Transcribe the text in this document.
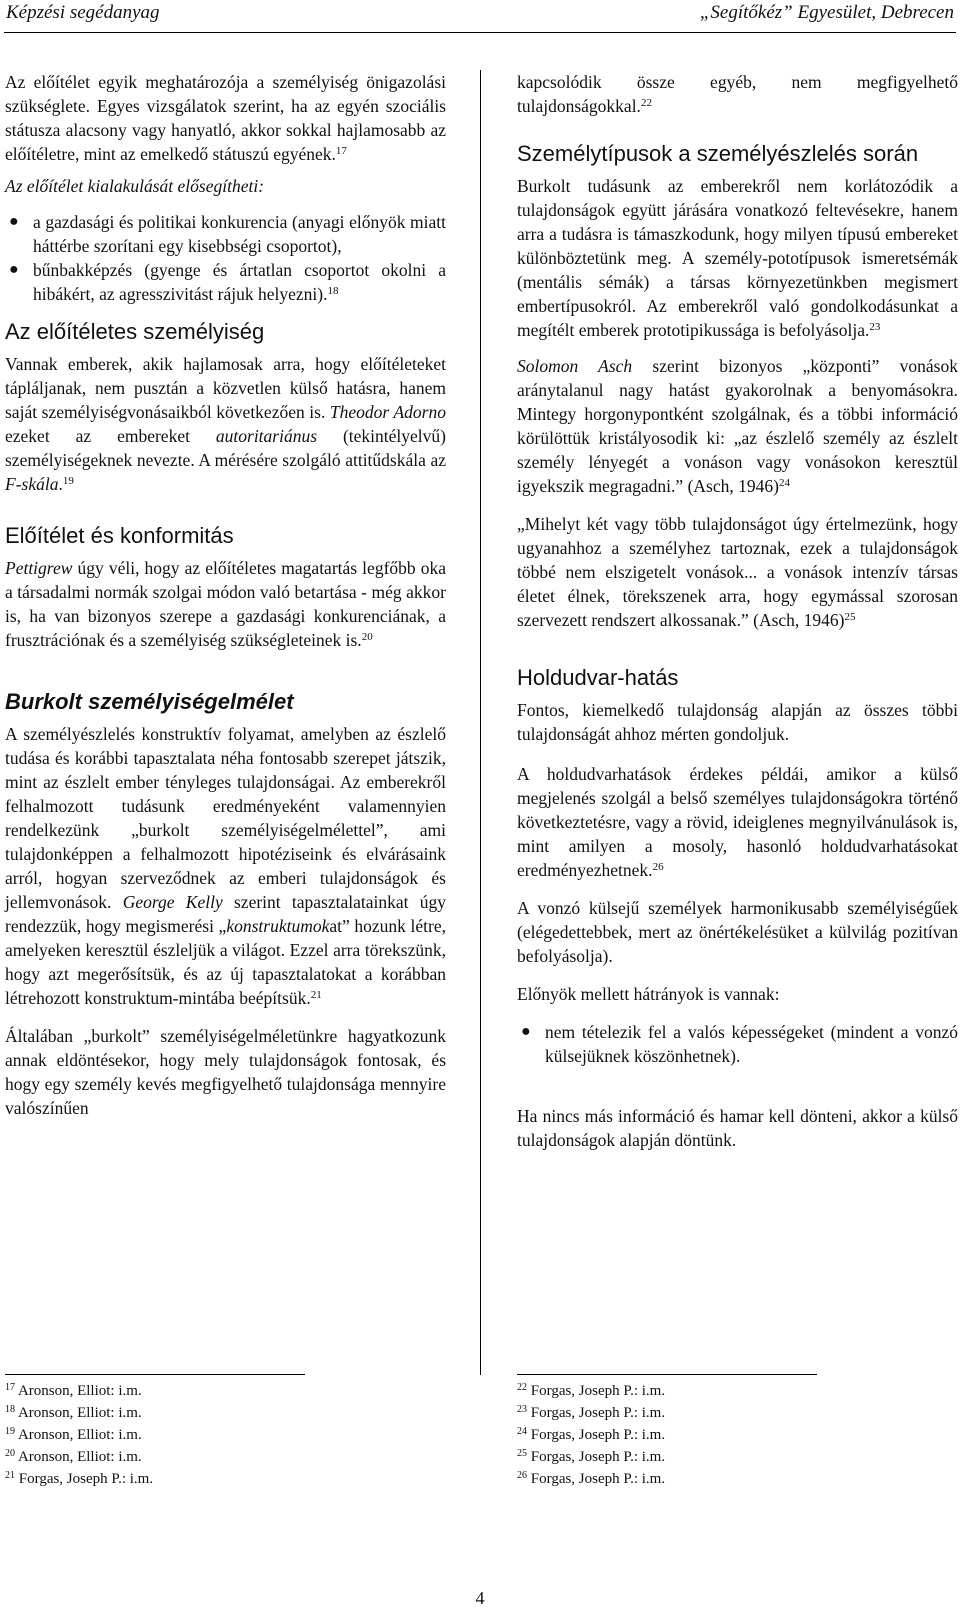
Képzési segédanyag	„Segítőkéz” Egyesület, Debrecen

Az előítélet egyik meghatározója a személyiség önigazolási szükséglete. Egyes vizsgálatok szerint, ha az egyén szociális státusza alacsony vagy hanyatló, akkor sokkal hajlamosabb az előítéletre, mint az emelkedő státuszú egyének.$^{17}$

Az előítélet kialakulását elősegítheti:

● a gazdasági és politikai konkurencia (anyagi előnyök miatt háttérbe szorítani egy kisebbségi csoportot),
● bűnbakképzés (gyenge és ártatlan csoportot okolni a hibákért, az agresszivitást rájuk helyezni).$^{18}$
Az előítéletes személyiség

Vannak emberek, akik hajlamosak arra, hogy előítéleteket tápláljanak, nem pusztán a közvetlen külső hatásra, hanem saját személyiségvonásaikból következően is. Theodor Adorno ezeket az embereket autoritariánus (tekintélyelvű) személyiségeknek nevezte. A mérésére szolgáló attitűdskála az F-skála.$^{19}$

Előítélet és konformitás

Pettigrew úgy véli, hogy az előítéletes magatartás legfőbb oka a társadalmi normák szolgai módon való betartása - még akkor is, ha van bizonyos szerepe a gazdasági konkurenciának, a frusztrációnak és a személyiség szükségleteinek is.$^{20}$

Burkolt személyiségelmélet

A személyészlelés konstruktív folyamat, amelyben az észlelő tudása és korábbi tapasztalata néha fontosabb szerepet játszik, mint az észlelt ember tényleges tulajdonságai. Az emberekről felhalmozott tudásunk eredményeként valamennyien rendelkezünk „burkolt személyiségelmélettel”, ami tulajdonképpen a felhalmozott hipotéziseink és elvárásaink arról, hogyan szerveződnek az emberi tulajdonságok és jellemvonások. George Kelly szerint tapasztalatainkat úgy rendezzük, hogy megismerési „konstruktumokat” hozunk létre, amelyeken keresztül észleljük a világot. Ezzel arra törekszünk, hogy azt megerősítsük, és az új tapasztalatokat a korábban létrehozott konstruktum-mintába beépítsük.$^{21}$

Általában „burkolt” személyiségelméletünkre hagyatkozunk annak eldöntésekor, hogy mely tulajdonságok fontosak, és hogy egy személy kevés megfigyelhető tulajdonsága mennyire valószínűen

kapcsolódik össze egyéb, nem megfigyelhető tulajdonságokkal.$^{22}$

Személytípusok a személyészlelés során

Burkolt tudásunk az emberekről nem korlátozódik a tulajdonságok együtt járására vonatkozó feltevésekre, hanem arra a tudásra is támaszkodunk, hogy milyen típusú embereket különböztetünk meg. A személy-pototípusok ismeretsémák (mentális sémák) a társas környezetünkben megismert embertípusokról. Az emberekről való gondolkodásunkat a megítélt emberek prototipikussága is befolyásolja.$^{23}$

Solomon Asch szerint bizonyos „központi” vonások aránytalanul nagy hatást gyakorolnak a benyomásokra. Mintegy horgonypontként szolgálnak, és a többi információ körülöttük kristályosodik ki: „az észlelő személy az észlelt személy lényegét a vonáson vagy vonásokon keresztül igyekszik megragadni.” (Asch, 1946)$^{24}$

„Mihelyt két vagy több tulajdonságot úgy értelmezünk, hogy ugyanahhoz a személyhez tartoznak, ezek a tulajdonságok többé nem elszigetelt vonások... a vonások intenzív társas életet élnek, törekszenek arra, hogy egymással szorosan szervezett rendszert alkossanak.” (Asch, 1946)$^{25}$

Holdudvar-hatás

Fontos, kiemelkedő tulajdonság alapján az összes többi tulajdonságát ahhoz mérten gondoljuk.

A holdudvarhatások érdekes példái, amikor a külső megjelenés szolgál a belső személyes tulajdonságokra történő következtetésre, vagy a rövid, ideiglenes megnyilvánulások is, mint amilyen a mosoly, hasonló holdudvarhatásokat eredményezhetnek.$^{26}$

A vonzó külsejű személyek harmonikusabb személyiségűek (elégedettebbek, mert az önértékelésüket a külvilág pozitívan befolyásolja).

Előnyök mellett hátrányok is vannak:

● nem tételezik fel a valós képességeket (mindent a vonzó külsejüknek köszönhetnek).

Ha nincs más információ és hamar kell dönteni, akkor a külső tulajdonságok alapján döntünk.

$^{17}$ Aronson, Elliot: i.m.
$^{18}$ Aronson, Elliot: i.m.
$^{19}$ Aronson, Elliot: i.m.
$^{20}$ Aronson, Elliot: i.m.
$^{21}$ Forgas, Joseph P.: i.m.
$^{22}$ Forgas, Joseph P.: i.m.
$^{23}$ Forgas, Joseph P.: i.m.
$^{24}$ Forgas, Joseph P.: i.m.
$^{25}$ Forgas, Joseph P.: i.m.
$^{26}$ Forgas, Joseph P.: i.m.
4
